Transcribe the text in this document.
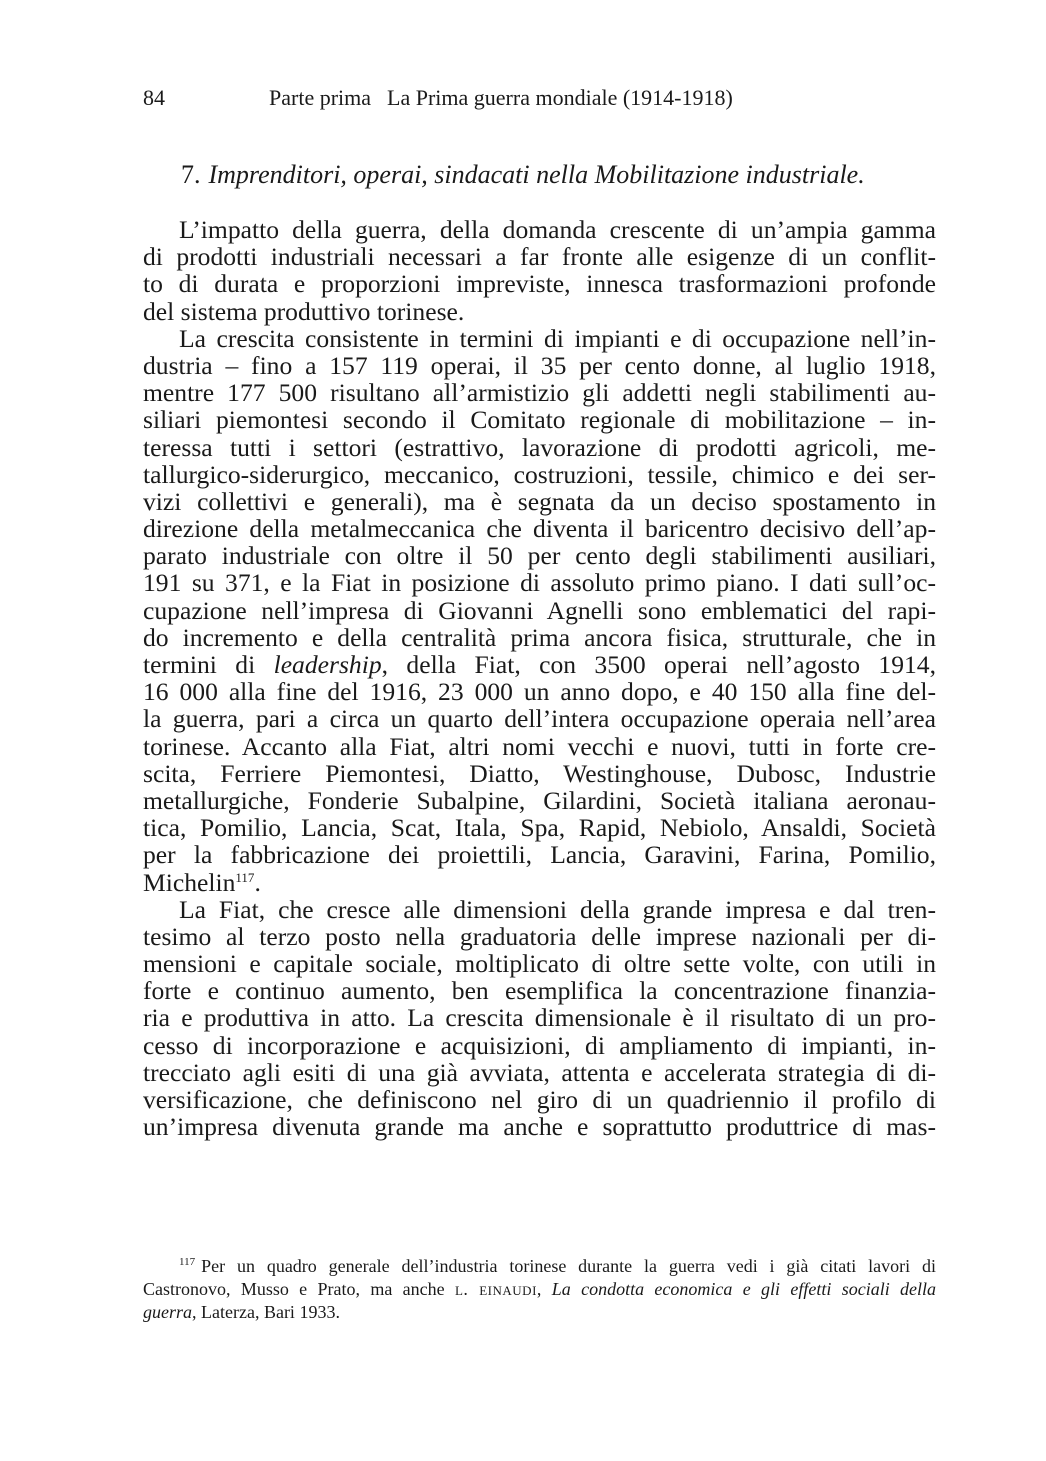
84	Parte prima La Prima guerra mondiale (1914-1918)
7. Imprenditori, operai, sindacati nella Mobilitazione industriale.
L’impatto della guerra, della domanda crescente di un’ampia gamma
di prodotti industriali necessari a far fronte alle esigenze di un conflit-
to di durata e proporzioni impreviste, innesca trasformazioni profonde
del sistema produttivo torinese.
La crescita consistente in termini di impianti e di occupazione nell’in-
dustria – fino a 157 119 operai, il 35 per cento donne, al luglio 1918,
mentre 177 500 risultano all’armistizio gli addetti negli stabilimenti au-
siliari piemontesi secondo il Comitato regionale di mobilitazione – in-
teressa tutti i settori (estrattivo, lavorazione di prodotti agricoli, me-
tallurgico-siderurgico, meccanico, costruzioni, tessile, chimico e dei ser-
vizi collettivi e generali), ma è segnata da un deciso spostamento in
direzione della metalmeccanica che diventa il baricentro decisivo dell’ap-
parato industriale con oltre il 50 per cento degli stabilimenti ausiliari,
191 su 371, e la Fiat in posizione di assoluto primo piano. I dati sull’oc-
cupazione nell’impresa di Giovanni Agnelli sono emblematici del rapi-
do incremento e della centralità prima ancora fisica, strutturale, che in
termini di leadership, della Fiat, con 3500 operai nell’agosto 1914,
16 000 alla fine del 1916, 23 000 un anno dopo, e 40 150 alla fine del-
la guerra, pari a circa un quarto dell’intera occupazione operaia nell’area
torinese. Accanto alla Fiat, altri nomi vecchi e nuovi, tutti in forte cre-
scita, Ferriere Piemontesi, Diatto, Westinghouse, Dubosc, Industrie
metallurgiche, Fonderie Subalpine, Gilardini, Società italiana aeronau-
tica, Pomilio, Lancia, Scat, Itala, Spa, Rapid, Nebiolo, Ansaldi, Società
per la fabbricazione dei proiettili, Lancia, Garavini, Farina, Pomilio,
Michelin$^{117}$.
La Fiat, che cresce alle dimensioni della grande impresa e dal tren-
tesimo al terzo posto nella graduatoria delle imprese nazionali per di-
mensioni e capitale sociale, moltiplicato di oltre sette volte, con utili in
forte e continuo aumento, ben esemplifica la concentrazione finanzia-
ria e produttiva in atto. La crescita dimensionale è il risultato di un pro-
cesso di incorporazione e acquisizioni, di ampliamento di impianti, in-
trecciato agli esiti di una già avviata, attenta e accelerata strategia di di-
versificazione, che definiscono nel giro di un quadriennio il profilo di
un’impresa divenuta grande ma anche e soprattutto produttrice di mas-
$^{117}$ Per un quadro generale dell’industria torinese durante la guerra vedi i già citati lavori di
Castronovo, Musso e Prato, ma anche l. einaudi, La condotta economica e gli effetti sociali della
guerra, Laterza, Bari 1933.
